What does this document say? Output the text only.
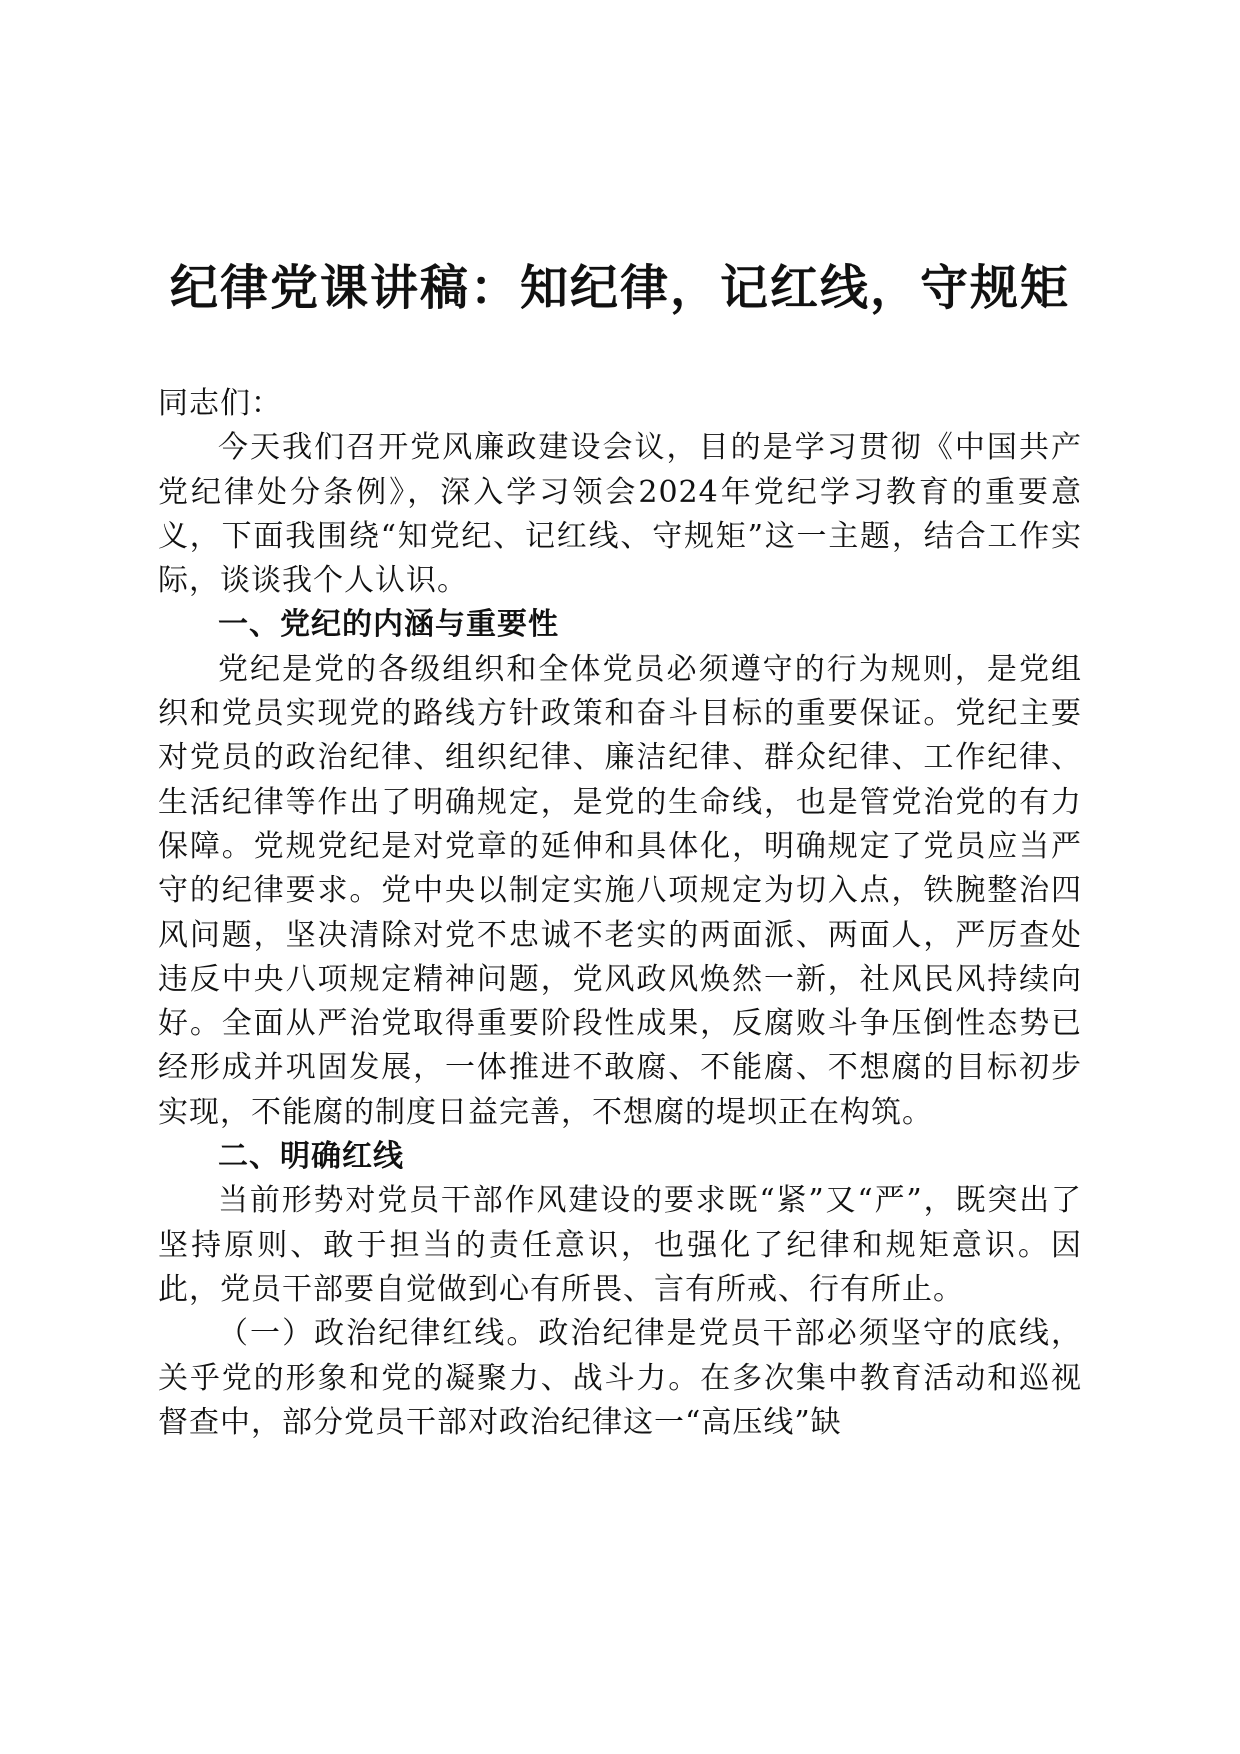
纪律党课讲稿：知纪律，记红线，守规矩

同志们：

今天我们召开党风廉政建设会议，目的是学习贯彻《中国共产党纪律处分条例》，深入学习领会2024年党纪学习教育的重要意义，下面我围绕“知党纪、记红线、守规矩”这一主题，结合工作实际，谈谈我个人认识。

一、党纪的内涵与重要性

党纪是党的各级组织和全体党员必须遵守的行为规则，是党组织和党员实现党的路线方针政策和奋斗目标的重要保证。党纪主要对党员的政治纪律、组织纪律、廉洁纪律、群众纪律、工作纪律、生活纪律等作出了明确规定，是党的生命线，也是管党治党的有力保障。党规党纪是对党章的延伸和具体化，明确规定了党员应当严守的纪律要求。党中央以制定实施八项规定为切入点，铁腕整治四风问题，坚决清除对党不忠诚不老实的两面派、两面人，严厉查处违反中央八项规定精神问题，党风政风焕然一新，社风民风持续向好。全面从严治党取得重要阶段性成果，反腐败斗争压倒性态势已经形成并巩固发展，一体推进不敢腐、不能腐、不想腐的目标初步实现，不能腐的制度日益完善，不想腐的堤坝正在构筑。

二、明确红线

当前形势对党员干部作风建设的要求既“紧”又“严”，既突出了坚持原则、敢于担当的责任意识，也强化了纪律和规矩意识。因此，党员干部要自觉做到心有所畏、言有所戒、行有所止。

（一）政治纪律红线。政治纪律是党员干部必须坚守的底线，关乎党的形象和党的凝聚力、战斗力。在多次集中教育活动和巡视督查中，部分党员干部对政治纪律这一“高压线”缺
